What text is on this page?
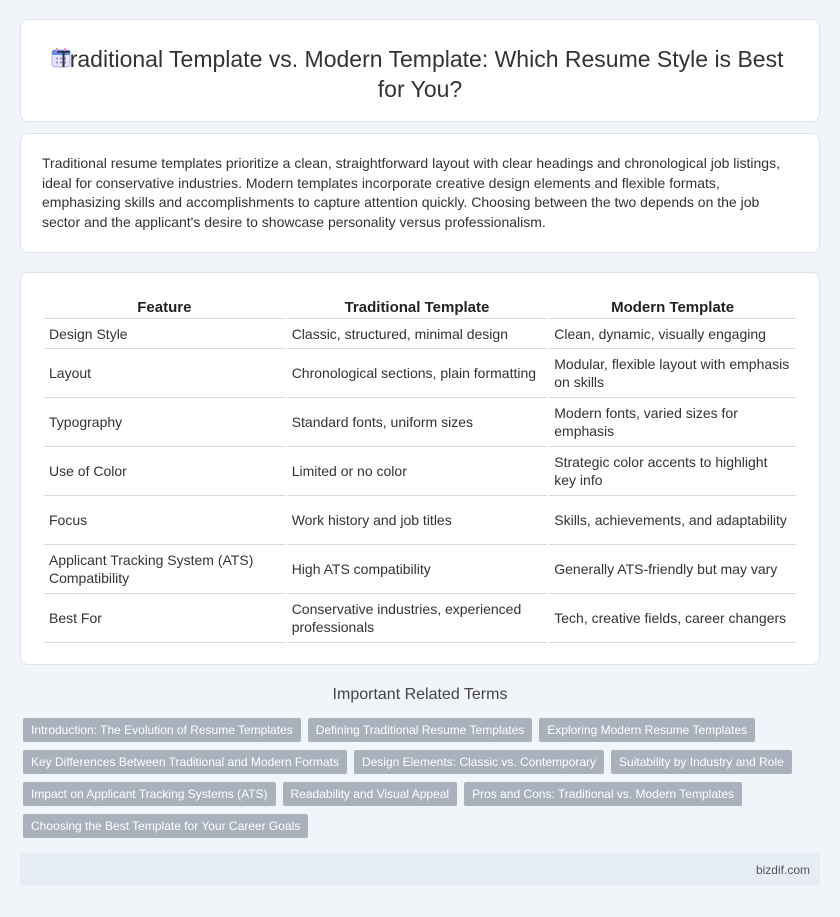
Traditional Template vs. Modern Template: Which Resume Style is Best for You?

Traditional resume templates prioritize a clean, straightforward layout with clear headings and chronological job listings, ideal for conservative industries. Modern templates incorporate creative design elements and flexible formats, emphasizing skills and accomplishments to capture attention quickly. Choosing between the two depends on the job sector and the applicant's desire to showcase personality versus professionalism.

Feature	Traditional Template	Modern Template
Design Style	Classic, structured, minimal design	Clean, dynamic, visually engaging
Layout	Chronological sections, plain formatting	Modular, flexible layout with emphasis on skills
Typography	Standard fonts, uniform sizes	Modern fonts, varied sizes for emphasis
Use of Color	Limited or no color	Strategic color accents to highlight key info
Focus	Work history and job titles	Skills, achievements, and adaptability
Applicant Tracking System (ATS) Compatibility	High ATS compatibility	Generally ATS-friendly but may vary
Best For	Conservative industries, experienced professionals	Tech, creative fields, career changers
Important Related Terms
Introduction: The Evolution of Resume Templates	Defining Traditional Resume Templates	Exploring Modern Resume Templates
Key Differences Between Traditional and Modern Formats	Design Elements: Classic vs. Contemporary	Suitability by Industry and Role
Impact on Applicant Tracking Systems (ATS)	Readability and Visual Appeal	Pros and Cons: Traditional vs. Modern Templates
Choosing the Best Template for Your Career Goals
bizdif.com
